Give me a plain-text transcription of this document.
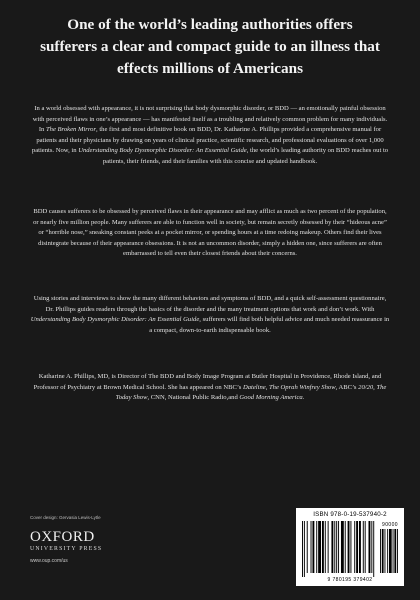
One of the world’s leading authorities offers
sufferers a clear and compact guide to an illness that
effects millions of Americans

In a world obsessed with appearance, it is not surprising that body dysmorphic disorder, or BDD — an emotionally painful obsession with perceived flaws in one’s appearance — has manifested itself as a troubling and relatively common problem for many individuals. In The Broken Mirror, the first and most definitive book on BDD, Dr. Katharine A. Phillips provided a comprehensive manual for patients and their physicians by drawing on years of clinical practice, scientific research, and professional evaluations of over 1,000 patients. Now, in Understanding Body Dysmorphic Disorder: An Essential Guide, the world’s leading authority on BDD reaches out to patients, their friends, and their families with this concise and updated handbook.

BDD causes sufferers to be obsessed by perceived flaws in their appearance and may afflict as much as two percent of the population, or nearly five million people. Many sufferers are able to function well in society, but remain secretly obsessed by their “hideous acne” or “horrible nose,” sneaking constant peeks at a pocket mirror, or spending hours at a time redoing makeup. Others find their lives disintegrate because of their appearance obsessions. It is not an uncommon disorder, simply a hidden one, since sufferers are often embarrassed to tell even their closest friends about their concerns.

Using stories and interviews to show the many different behaviors and symptoms of BDD, and a quick self-assessment questionnaire, Dr. Phillips guides readers through the basics of the disorder and the many treatment options that work and don’t work. With Understanding Body Dysmorphic Disorder: An Essential Guide, sufferers will find both helpful advice and much needed reassurance in a compact, down-to-earth indispensable book.

Katharine A. Phillips, MD, is Director of The BDD and Body Image Program at Butler Hospital in Providence, Rhode Island, and Professor of Psychiatry at Brown Medical School. She has appeared on NBC’s Dateline, The Oprah Winfrey Show, ABC’s 20/20, The Today Show, CNN, National Public Radio,and Good Morning America.

Cover design: Gervasia Lewis-Lytle
OXFORD
UNIVERSITY PRESS
www.oup.com/us
ISBN 978-0-19-537940-2
90000
9 780195 379402
